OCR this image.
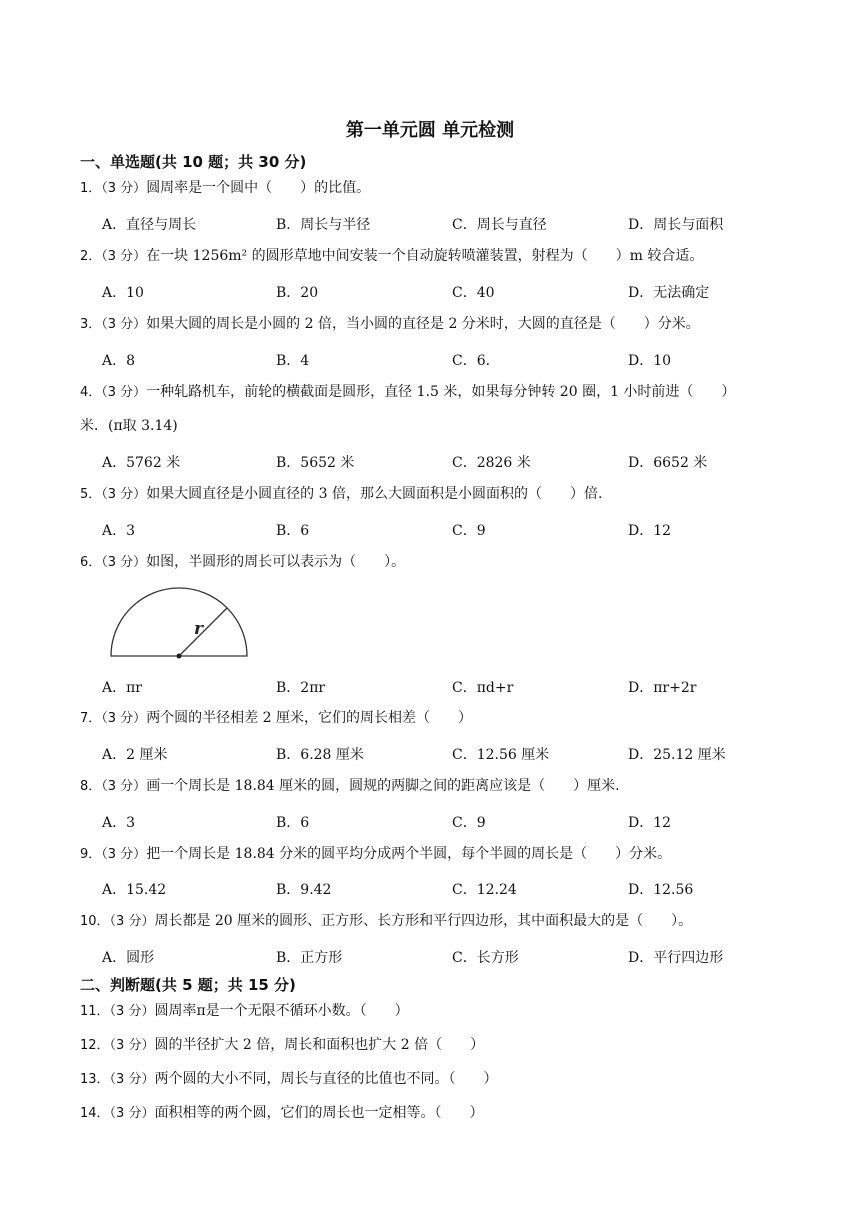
第一单元圆 单元检测
一、单选题(共 10 题；共 30 分)
1．（3 分）圆周率是一个圆中（　　）的比值。
A．直径与周长	B．周长与半径	C．周长与直径	D．周长与面积
2．（3 分）在一块 1256m² 的圆形草地中间安装一个自动旋转喷灌装置，射程为（　　）m 较合适。
A．10	B．20	C．40	D．无法确定
3．（3 分）如果大圆的周长是小圆的 2 倍，当小圆的直径是 2 分米时，大圆的直径是（　　）分米。
A．8	B．4	C．6.	D．10
4．（3 分）一种轧路机车，前轮的横截面是圆形，直径 1.5 米，如果每分钟转 20 圈，1 小时前进（　　）
米．(π取 3.14)
A．5762 米	B．5652 米	C．2826 米	D．6652 米
5．（3 分）如果大圆直径是小圆直径的 3 倍，那么大圆面积是小圆面积的（　　）倍.
A．3	B．6	C．9	D．12
6．（3 分）如图，半圆形的周长可以表示为（　　）。
r
A．πr	B．2πr	C．πd+r	D．πr+2r
7．（3 分）两个圆的半径相差 2 厘米，它们的周长相差（　　）
A．2 厘米	B．6.28 厘米	C．12.56 厘米	D．25.12 厘米
8．（3 分）画一个周长是 18.84 厘米的圆，圆规的两脚之间的距离应该是（　　）厘米.
A．3	B．6	C．9	D．12
9．（3 分）把一个周长是 18.84 分米的圆平均分成两个半圆，每个半圆的周长是（　　）分米。
A．15.42	B．9.42	C．12.24	D．12.56
10．（3 分）周长都是 20 厘米的圆形、正方形、长方形和平行四边形，其中面积最大的是（　　）。
A．圆形	B．正方形	C．长方形	D．平行四边形
二、判断题(共 5 题；共 15 分)
11．（3 分）圆周率π是一个无限不循环小数。（　　）
12．（3 分）圆的半径扩大 2 倍，周长和面积也扩大 2 倍（　　）
13．（3 分）两个圆的大小不同，周长与直径的比值也不同。（　　）
14．（3 分）面积相等的两个圆，它们的周长也一定相等。（　　）
